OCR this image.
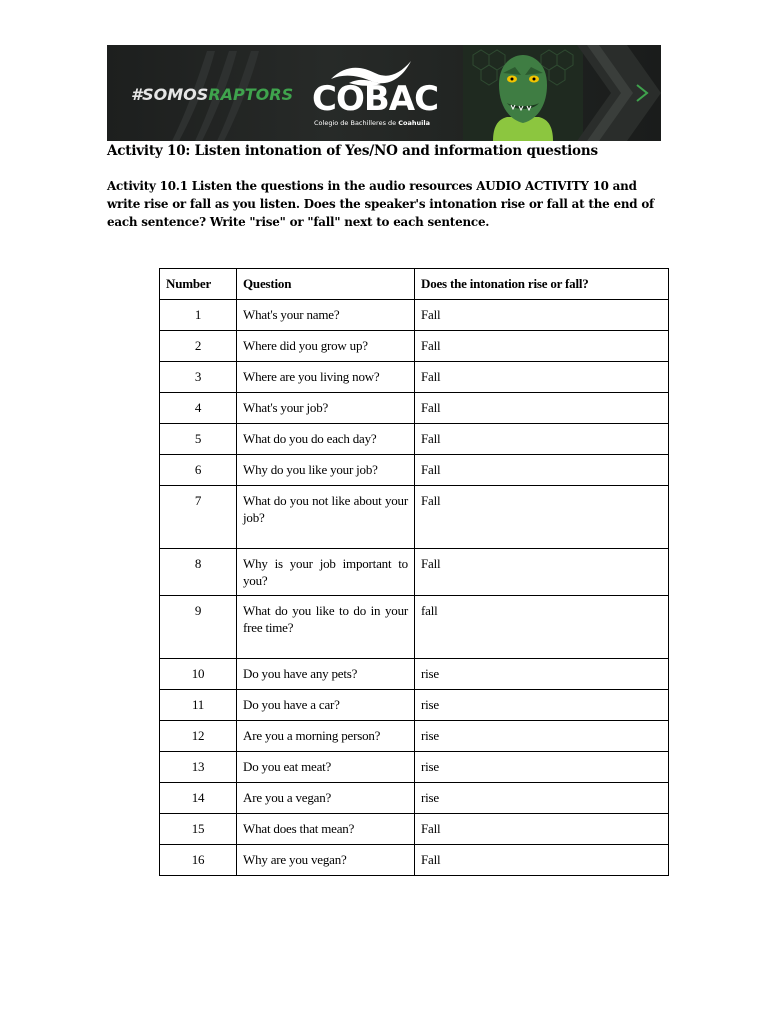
#SOMOSRAPTORS COBAC
Colegio de Bachilleres de Coahuila
Activity 10: Listen intonation of Yes/NO and information questions
Activity 10.1 Listen the questions in the audio resources AUDIO ACTIVITY 10 and write rise or fall as you listen. Does the speaker's intonation rise or fall at the end of each sentence? Write "rise" or "fall" next to each sentence.
Number	Question	Does the intonation rise or fall?
1	What's your name?	Fall
2	Where did you grow up?	Fall
3	Where are you living now?	Fall
4	What's your job?	Fall
5	What do you do each day?	Fall
6	Why do you like your job?	Fall
7	What do you not like about your job?	Fall
8	Why is your job important to you?	Fall
9	What do you like to do in your free time?	fall
10	Do you have any pets?	rise
11	Do you have a car?	rise
12	Are you a morning person?	rise
13	Do you eat meat?	rise
14	Are you a vegan?	rise
15	What does that mean?	Fall
16	Why are you vegan?	Fall
